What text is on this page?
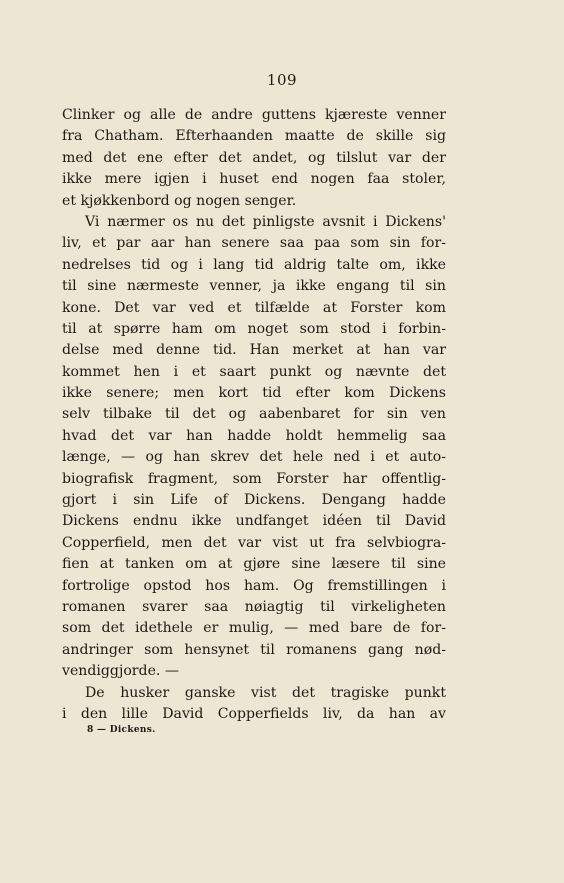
109
Clinker og alle de andre guttens kjæreste venner
fra Chatham. Efterhaanden maatte de skille sig
med det ene efter det andet, og tilslut var der
ikke mere igjen i huset end nogen faa stoler,
et kjøkkenbord og nogen senger.
Vi nærmer os nu det pinligste avsnit i Dickens'
liv, et par aar han senere saa paa som sin for-
nedrelses tid og i lang tid aldrig talte om, ikke
til sine nærmeste venner, ja ikke engang til sin
kone. Det var ved et tilfælde at Forster kom
til at spørre ham om noget som stod i forbin-
delse med denne tid. Han merket at han var
kommet hen i et saart punkt og nævnte det
ikke senere; men kort tid efter kom Dickens
selv tilbake til det og aabenbaret for sin ven
hvad det var han hadde holdt hemmelig saa
længe, — og han skrev det hele ned i et auto-
biografisk fragment, som Forster har offentlig-
gjort i sin Life of Dickens. Dengang hadde
Dickens endnu ikke undfanget idéen til David
Copperfield, men det var vist ut fra selvbiogra-
fien at tanken om at gjøre sine læsere til sine
fortrolige opstod hos ham. Og fremstillingen i
romanen svarer saa nøiagtig til virkeligheten
som det idethele er mulig, — med bare de for-
andringer som hensynet til romanens gang nød-
vendiggjorde. —
De husker ganske vist det tragiske punkt
i den lille David Copperfields liv, da han av
8 — Dickens.
